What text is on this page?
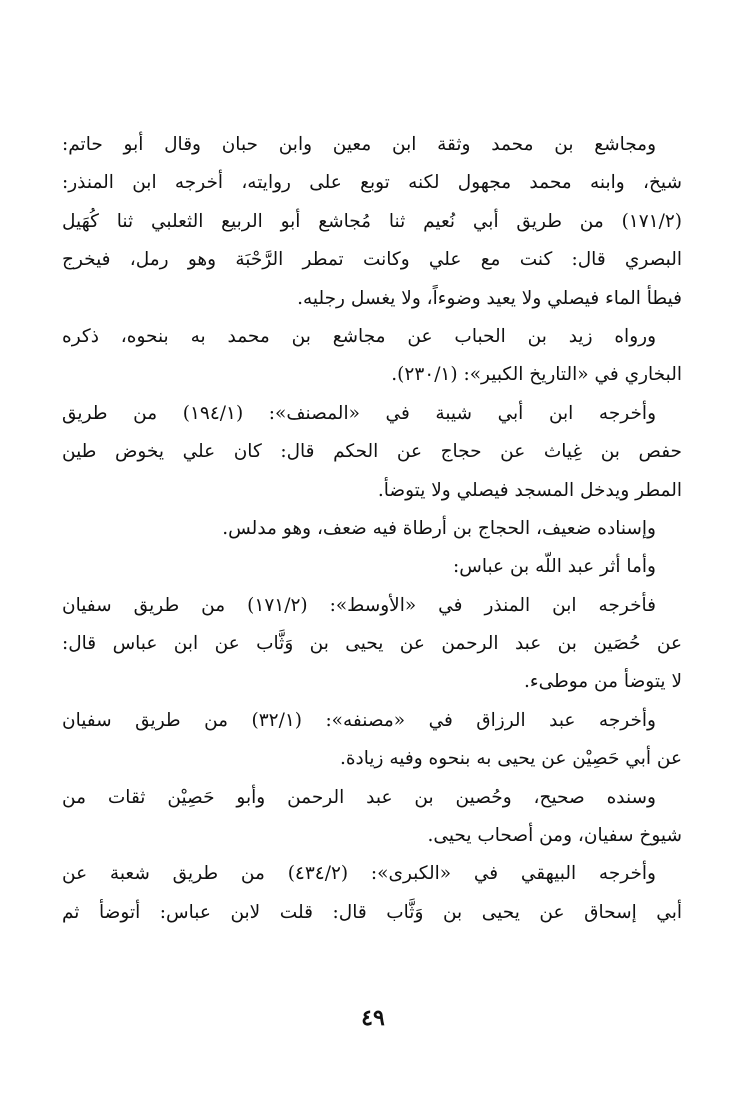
ومجاشع بن محمد وثقة ابن معين وابن حبان وقال أبو حاتم:
شيخ، وابنه محمد مجهول لكنه توبع على روايته، أخرجه ابن المنذر:
(١٧١/٢) من طريق أبي نُعيم ثنا مُجاشع أبو الربيع الثعلبي ثنا كُهَيل
البصري قال: كنت مع علي وكانت تمطر الرَّحْبَة وهو رمل، فيخرج
فيطأ الماء فيصلي ولا يعيد وضوءاً، ولا يغسل رجليه.
ورواه زيد بن الحباب عن مجاشع بن محمد به بنحوه، ذكره
البخاري في «التاريخ الكبير»: (٢٣٠/١).
وأخرجه ابن أبي شيبة في «المصنف»: (١٩٤/١) من طريق
حفص بن غِياث عن حجاج عن الحكم قال: كان علي يخوض طين
المطر ويدخل المسجد فيصلي ولا يتوضأ.
وإسناده ضعيف، الحجاج بن أرطاة فيه ضعف، وهو مدلس.
وأما أثر عبد اللّه بن عباس:
فأخرجه ابن المنذر في «الأوسط»: (١٧١/٢) من طريق سفيان
عن حُصَين بن عبد الرحمن عن يحيى بن وَثَّاب عن ابن عباس قال:
لا يتوضأ من موطىء.
وأخرجه عبد الرزاق في «مصنفه»: (٣٢/١) من طريق سفيان
عن أبي حَصِيْن عن يحيى به بنحوه وفيه زيادة.
وسنده صحيح، وحُصين بن عبد الرحمن وأبو حَصِيْن ثقات من
شيوخ سفيان، ومن أصحاب يحيى.
وأخرجه البيهقي في «الكبرى»: (٤٣٤/٢) من طريق شعبة عن
أبي إسحاق عن يحيى بن وَثَّاب قال: قلت لابن عباس: أتوضأ ثم
٤٩
